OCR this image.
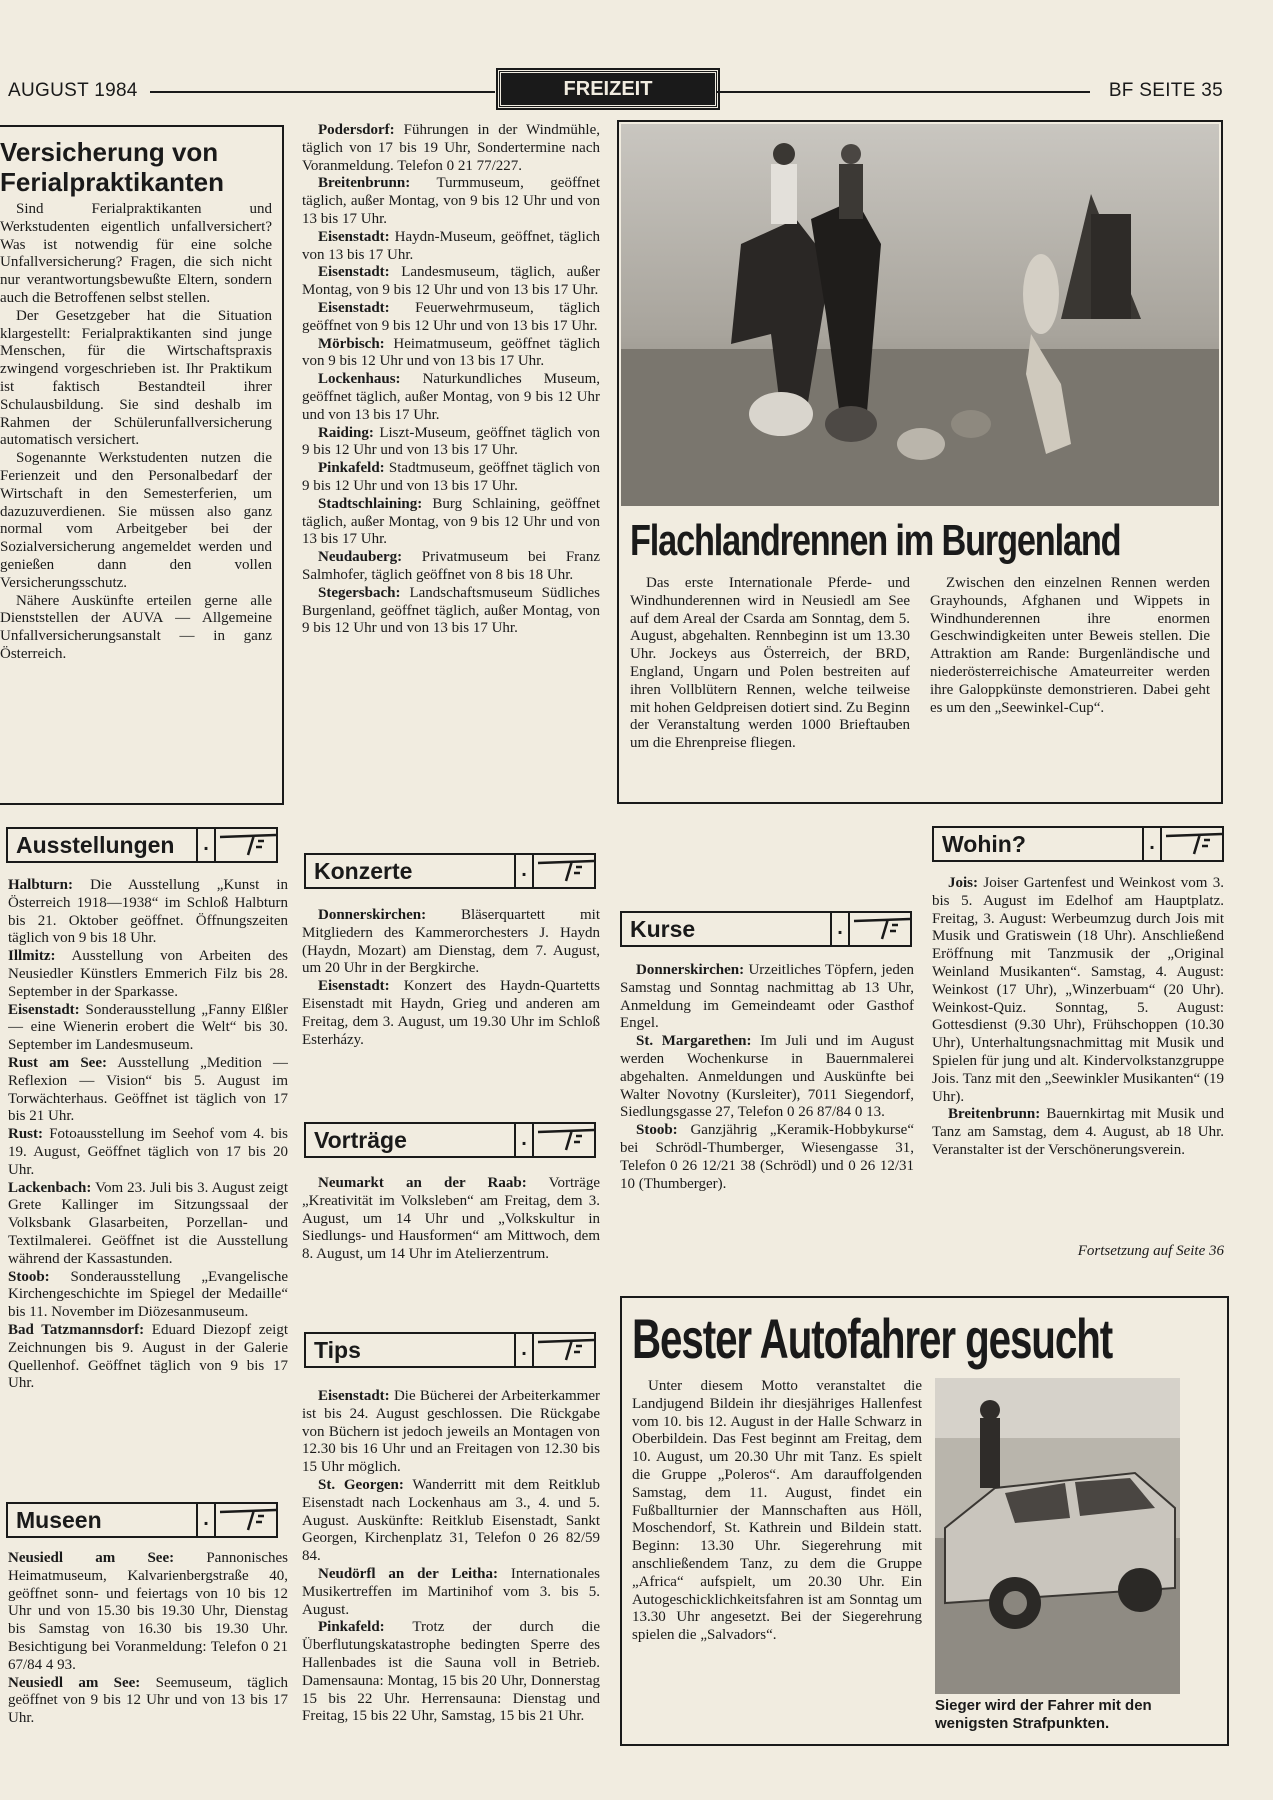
AUGUST 1984	FREIZEIT	BF SEITE 35
Versicherung von Ferialpraktikanten

Sind Ferialpraktikanten und Werkstudenten eigentlich unfallversichert? Was ist notwendig für eine solche Unfallversicherung? Fragen, die sich nicht nur verantwortungsbewußte Eltern, sondern auch die Betroffenen selbst stellen.

Der Gesetzgeber hat die Situation klargestellt: Ferialpraktikanten sind junge Menschen, für die Wirtschaftspraxis zwingend vorgeschrieben ist. Ihr Praktikum ist faktisch Bestandteil ihrer Schulausbildung. Sie sind deshalb im Rahmen der Schülerunfallversicherung automatisch versichert.

Sogenannte Werkstudenten nutzen die Ferienzeit und den Personalbedarf der Wirtschaft in den Semesterferien, um dazuzuverdienen. Sie müssen also ganz normal vom Arbeitgeber bei der Sozialversicherung angemeldet werden und genießen dann den vollen Versicherungsschutz.

Nähere Auskünfte erteilen gerne alle Dienststellen der AUVA — Allgemeine Unfallversicherungsanstalt — in ganz Österreich.

Ausstellungen	.

Halbturn: Die Ausstellung „Kunst in Österreich 1918—1938“ im Schloß Halbturn bis 21. Oktober geöffnet. Öffnungszeiten täglich von 9 bis 18 Uhr.

Illmitz: Ausstellung von Arbeiten des Neusiedler Künstlers Emmerich Filz bis 28. September in der Sparkasse.

Eisenstadt: Sonderausstellung „Fanny Elßler — eine Wienerin erobert die Welt“ bis 30. September im Landesmuseum.

Rust am See: Ausstellung „Medition — Reflexion — Vision“ bis 5. August im Torwächterhaus. Geöffnet ist täglich von 17 bis 21 Uhr.

Rust: Fotoausstellung im Seehof vom 4. bis 19. August, Geöffnet täglich von 17 bis 20 Uhr.

Lackenbach: Vom 23. Juli bis 3. August zeigt Grete Kallinger im Sitzungssaal der Volksbank Glasarbeiten, Porzellan- und Textilmalerei. Geöffnet ist die Ausstellung während der Kassastunden.

Stoob: Sonderausstellung „Evangelische Kirchengeschichte im Spiegel der Medaille“ bis 11. November im Diözesanmuseum.

Bad Tatzmannsdorf: Eduard Diezopf zeigt Zeichnungen bis 9. August in der Galerie Quellenhof. Geöffnet täglich von 9 bis 17 Uhr.

Museen	.

Neusiedl am See: Pannonisches Heimatmuseum, Kalvarienbergstraße 40, geöffnet sonn- und feiertags von 10 bis 12 Uhr und von 15.30 bis 19.30 Uhr, Dienstag bis Samstag von 16.30 bis 19.30 Uhr. Besichtigung bei Voranmeldung: Telefon 0 21 67/84 4 93.

Neusiedl am See: Seemuseum, täglich geöffnet von 9 bis 12 Uhr und von 13 bis 17 Uhr.

Podersdorf: Führungen in der Windmühle, täglich von 17 bis 19 Uhr, Sondertermine nach Voranmeldung. Telefon 0 21 77/227.

Breitenbrunn: Turmmuseum, geöffnet täglich, außer Montag, von 9 bis 12 Uhr und von 13 bis 17 Uhr.

Eisenstadt: Haydn-Museum, geöffnet, täglich von 13 bis 17 Uhr.

Eisenstadt: Landesmuseum, täglich, außer Montag, von 9 bis 12 Uhr und von 13 bis 17 Uhr.

Eisenstadt: Feuerwehrmuseum, täglich geöffnet von 9 bis 12 Uhr und von 13 bis 17 Uhr.

Mörbisch: Heimatmuseum, geöffnet täglich von 9 bis 12 Uhr und von 13 bis 17 Uhr.

Lockenhaus: Naturkundliches Museum, geöffnet täglich, außer Montag, von 9 bis 12 Uhr und von 13 bis 17 Uhr.

Raiding: Liszt-Museum, geöffnet täglich von 9 bis 12 Uhr und von 13 bis 17 Uhr.

Pinkafeld: Stadtmuseum, geöffnet täglich von 9 bis 12 Uhr und von 13 bis 17 Uhr.

Stadtschlaining: Burg Schlaining, geöffnet täglich, außer Montag, von 9 bis 12 Uhr und von 13 bis 17 Uhr.

Neudauberg: Privatmuseum bei Franz Salmhofer, täglich geöffnet von 8 bis 18 Uhr.

Stegersbach: Landschaftsmuseum Südliches Burgenland, geöffnet täglich, außer Montag, von 9 bis 12 Uhr und von 13 bis 17 Uhr.

Konzerte	.

Donnerskirchen: Bläserquartett mit Mitgliedern des Kammerorchesters J. Haydn (Haydn, Mozart) am Dienstag, dem 7. August, um 20 Uhr in der Bergkirche.

Eisenstadt: Konzert des Haydn-Quartetts Eisenstadt mit Haydn, Grieg und anderen am Freitag, dem 3. August, um 19.30 Uhr im Schloß Esterházy.

Vorträge	.

Neumarkt an der Raab: Vorträge „Kreativität im Volksleben“ am Freitag, dem 3. August, um 14 Uhr und „Volkskultur in Siedlungs- und Hausformen“ am Mittwoch, dem 8. August, um 14 Uhr im Atelierzentrum.

Tips	.

Eisenstadt: Die Bücherei der Arbeiterkammer ist bis 24. August geschlossen. Die Rückgabe von Büchern ist jedoch jeweils an Montagen von 12.30 bis 16 Uhr und an Freitagen von 12.30 bis 15 Uhr möglich.

St. Georgen: Wanderritt mit dem Reitklub Eisenstadt nach Lockenhaus am 3., 4. und 5. August. Auskünfte: Reitklub Eisenstadt, Sankt Georgen, Kirchenplatz 31, Telefon 0 26 82/59 84.

Neudörfl an der Leitha: Internationales Musikertreffen im Martinihof vom 3. bis 5. August.

Pinkafeld: Trotz der durch die Überflutungskatastrophe bedingten Sperre des Hallenbades ist die Sauna voll in Betrieb. Damensauna: Montag, 15 bis 20 Uhr, Donnerstag 15 bis 22 Uhr. Herrensauna: Dienstag und Freitag, 15 bis 22 Uhr, Samstag, 15 bis 21 Uhr.

Flachlandrennen im Burgenland

Das erste Internationale Pferde- und Windhunderennen wird in Neusiedl am See auf dem Areal der Csarda am Sonntag, dem 5. August, abgehalten. Rennbeginn ist um 13.30 Uhr. Jockeys aus Österreich, der BRD, England, Ungarn und Polen bestreiten auf ihren Vollblütern Rennen, welche teilweise mit hohen Geldpreisen dotiert sind. Zu Beginn der Veranstaltung werden 1000 Brieftauben um die Ehrenpreise fliegen.

Zwischen den einzelnen Rennen werden Grayhounds, Afghanen und Wippets in Windhunderennen ihre enormen Geschwindigkeiten unter Beweis stellen. Die Attraktion am Rande: Burgenländische und niederösterreichische Amateurreiter werden ihre Galoppkünste demonstrieren. Dabei geht es um den „Seewinkel-Cup“.

Kurse	.

Donnerskirchen: Urzeitliches Töpfern, jeden Samstag und Sonntag nachmittag ab 13 Uhr, Anmeldung im Gemeindeamt oder Gasthof Engel.

St. Margarethen: Im Juli und im August werden Wochenkurse in Bauernmalerei abgehalten. Anmeldungen und Auskünfte bei Walter Novotny (Kursleiter), 7011 Siegendorf, Siedlungsgasse 27, Telefon 0 26 87/84 0 13.

Stoob: Ganzjährig „Keramik-Hobbykurse“ bei Schrödl-Thumberger, Wiesengasse 31, Telefon 0 26 12/21 38 (Schrödl) und 0 26 12/31 10 (Thumberger).

Wohin?	.

Jois: Joiser Gartenfest und Weinkost vom 3. bis 5. August im Edelhof am Hauptplatz. Freitag, 3. August: Werbeumzug durch Jois mit Musik und Gratiswein (18 Uhr). Anschließend Eröffnung mit Tanzmusik der „Original Weinland Musikanten“. Samstag, 4. August: Weinkost (17 Uhr), „Winzerbuam“ (20 Uhr). Weinkost-Quiz. Sonntag, 5. August: Gottesdienst (9.30 Uhr), Frühschoppen (10.30 Uhr), Unterhaltungsnachmittag mit Musik und Spielen für jung und alt. Kindervolkstanzgruppe Jois. Tanz mit den „Seewinkler Musikanten“ (19 Uhr).

Breitenbrunn: Bauernkirtag mit Musik und Tanz am Samstag, dem 4. August, ab 18 Uhr. Veranstalter ist der Verschönerungsverein.

Fortsetzung auf Seite 36
Bester Autofahrer gesucht

Unter diesem Motto veranstaltet die Landjugend Bildein ihr diesjähriges Hallenfest vom 10. bis 12. August in der Halle Schwarz in Oberbildein. Das Fest beginnt am Freitag, dem 10. August, um 20.30 Uhr mit Tanz. Es spielt die Gruppe „Poleros“. Am darauffolgenden Samstag, dem 11. August, findet ein Fußballturnier der Mannschaften aus Höll, Moschendorf, St. Kathrein und Bildein statt. Beginn: 13.30 Uhr. Siegerehrung mit anschließendem Tanz, zu dem die Gruppe „Africa“ aufspielt, um 20.30 Uhr. Ein Autogeschicklichkeitsfahren ist am Sonntag um 13.30 Uhr angesetzt. Bei der Siegerehrung spielen die „Salvadors“.

Sieger wird der Fahrer mit den wenigsten Strafpunkten.
